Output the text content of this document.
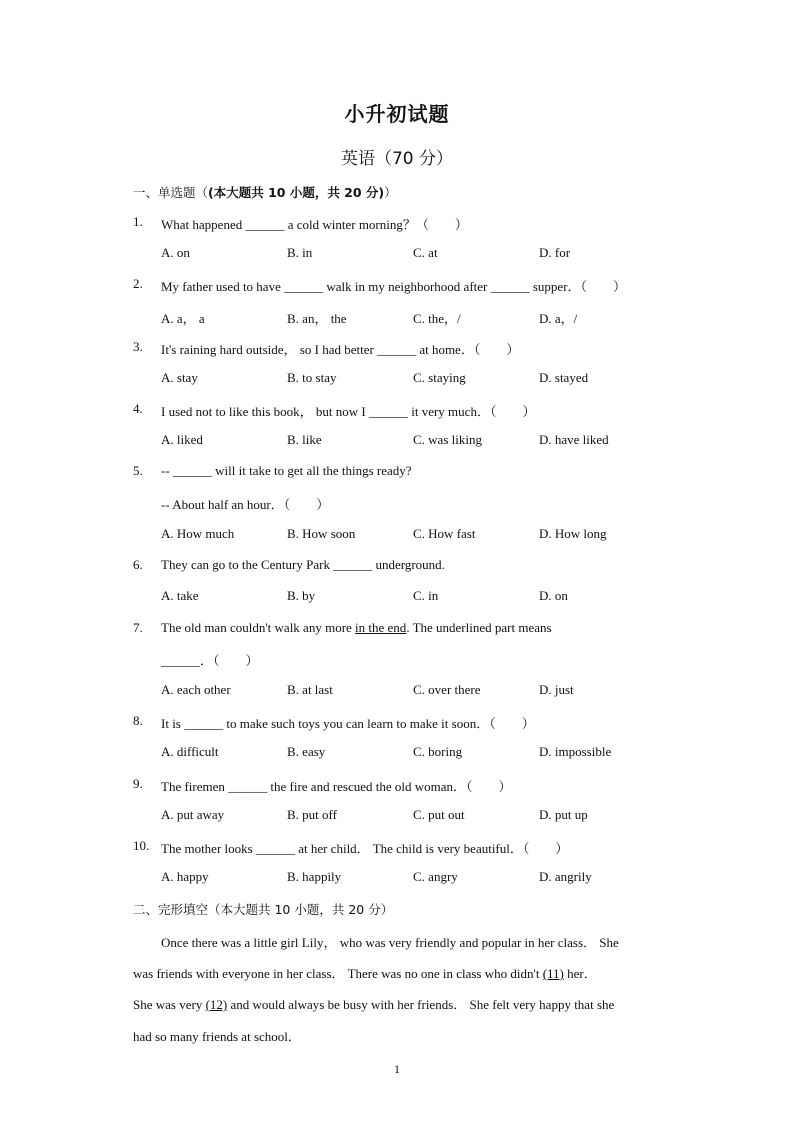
小升初试题
英语（70 分）
一、单选题（(本大题共 10 小题，共 20 分)）
1. What happened ______ a cold winter morning？（　　）
A. on	B. in	C. at	D. for
2. My father used to have ______ walk in my neighborhood after ______ supper．（　　）
A. a， a	B. an， the	C. the，/	D. a，/
3. It's raining hard outside， so I had better ______ at home．（　　）
A. stay	B. to stay	C. staying	D. stayed
4. I used not to like this book， but now I ______ it very much．（　　）
A. liked	B. like	C. was liking	D. have liked
5. -- ______ will it take to get all the things ready?
-- About half an hour．（　　）
A. How much	B. How soon	C. How fast	D. How long
6. They can go to the Century Park ______ underground.
A. take	B. by	C. in	D. on
7. The old man couldn't walk any more in the end. The underlined part means
______．（　　）
A. each other	B. at last	C. over there	D. just
8. It is ______ to make such toys you can learn to make it soon．（　　）
A. difficult	B. easy	C. boring	D. impossible
9. The firemen ______ the fire and rescued the old woman．（　　）
A. put away	B. put off	C. put out	D. put up
10. The mother looks ______ at her child． The child is very beautiful．（　　）
A. happy	B. happily	C. angry	D. angrily
二、完形填空（本大题共 10 小题，共 20 分）
Once there was a little girl Lily， who was very friendly and popular in her class． She
was friends with everyone in her class． There was no one in class who didn't (11) her．
She was very (12) and would always be busy with her friends． She felt very happy that she
had so many friends at school．
1
